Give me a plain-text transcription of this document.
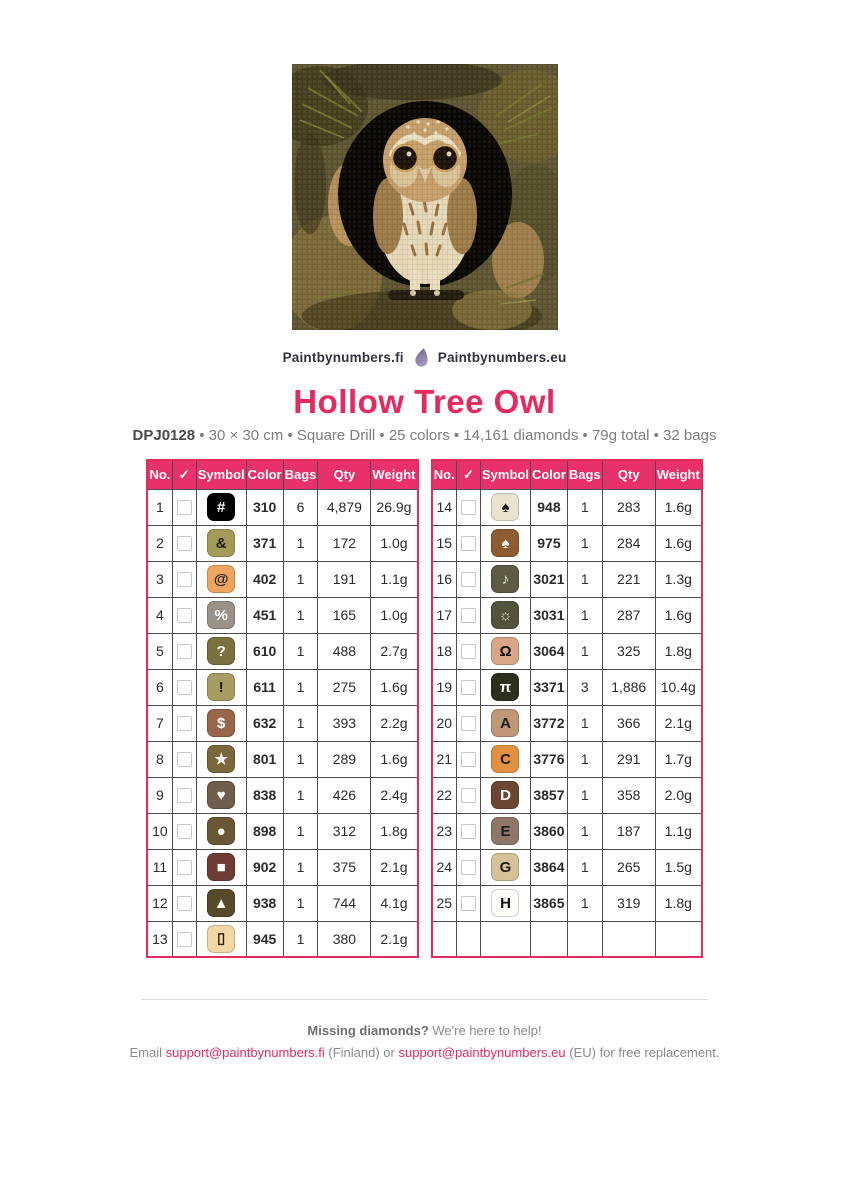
Paintbynumbers.fi	Paintbynumbers.eu
Hollow Tree Owl
DPJ0128 • 30 × 30 cm • Square Drill • 25 colors • 14,161 diamonds • 79g total • 32 bags
No.	✓	Symbol	Color	Bags	Qty	Weight
1		#	310	6	4,879	26.9g
2		&	371	1	172	1.0g
3		@	402	1	191	1.1g
4		%	451	1	165	1.0g
5		?	610	1	488	2.7g
6		!	611	1	275	1.6g
7		$	632	1	393	2.2g
8		★	801	1	289	1.6g
9		♥	838	1	426	2.4g
10		●	898	1	312	1.8g
11		■	902	1	375	2.1g
12		▲	938	1	744	4.1g
13		▯	945	1	380	2.1g
No.	✓	Symbol	Color	Bags	Qty	Weight
14		♠	948	1	283	1.6g
15		♠	975	1	284	1.6g
16		♪	3021	1	221	1.3g
17		☼	3031	1	287	1.6g
18		Ω	3064	1	325	1.8g
19		π	3371	3	1,886	10.4g
20		A	3772	1	366	2.1g
21		C	3776	1	291	1.7g
22		D	3857	1	358	2.0g
23		E	3860	1	187	1.1g
24		G	3864	1	265	1.5g
25		H	3865	1	319	1.8g

Missing diamonds? We're here to help!
Email support@paintbynumbers.fi (Finland) or support@paintbynumbers.eu (EU) for free replacement.
